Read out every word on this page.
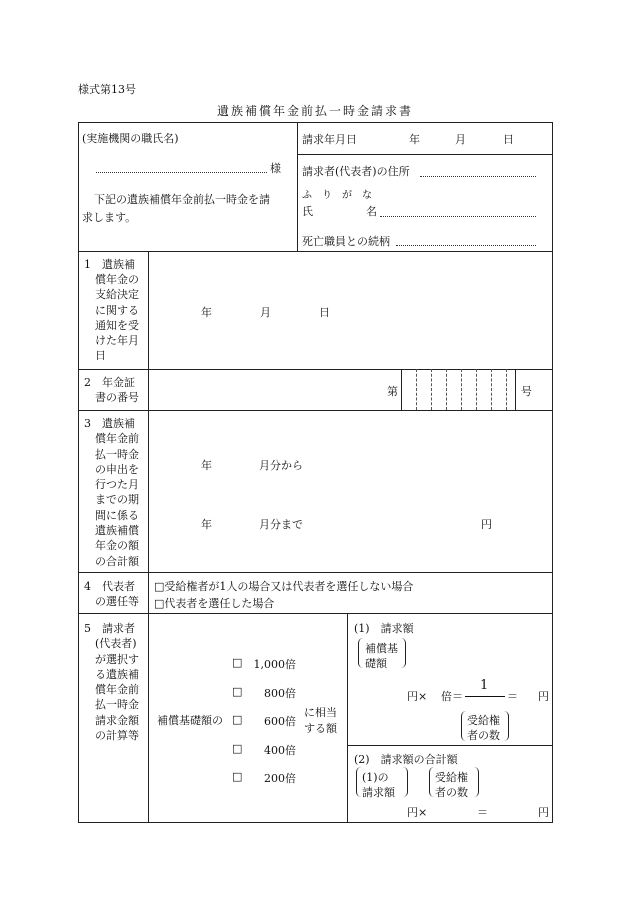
様式第13号
遺族補償年金前払一時金請求書
(実施機関の職氏名)
様
下記の遺族補償年金前払一時金を請
求します。
請求年月日	年	月	日
請求者(代表者)の住所
ふ　り　が　な
氏	名
死亡職員との続柄
1　遺族補
償年金の
支給決定
に関する
通知を受
けた年月
日
年	月	日
2　年金証
書の番号	第	号
3　遺族補
償年金前
払一時金
の申出を
行つた月
までの期
間に係る
遺族補償
年金の額
の合計額
年	月分から
年	月分まで	円
4　代表者
の選任等
□受給権者が1人の場合又は代表者を選任しない場合
□代表者を選任した場合
5　請求者
(代表者)
が選択す
る遺族補
償年金前
払一時金
請求金額
の計算等
補償基礎額の
□ 1,000倍
□ 800倍
□ 600倍
□ 400倍
□ 200倍
に相当
する額
(1)　請求額
補償基
礎額
円× 倍＝
1
＝ 円
受給権
者の数
(2)　請求額の合計額
(1)の
請求額
受給権
者の数
円×	＝	円
